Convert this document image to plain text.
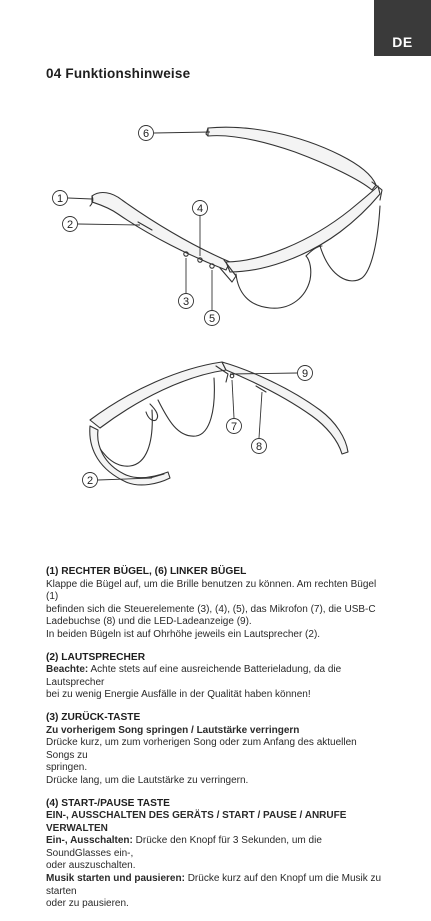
DE
04 Funktionshinweise
6
1
2
4
3
5
9
7
8
2
(1) RECHTER BÜGEL, (6) LINKER BÜGEL

Klappe die Bügel auf, um die Brille benutzen zu können. Am rechten Bügel (1)

befinden sich die Steuerelemente (3), (4), (5), das Mikrofon (7), die USB-C

Ladebuchse (8) und die LED-Ladeanzeige (9).

In beiden Bügeln ist auf Ohrhöhe jeweils ein Lautsprecher (2).

(2) LAUTSPRECHER

Beachte: Achte stets auf eine ausreichende Batterieladung, da die Lautsprecher

bei zu wenig Energie Ausfälle in der Qualität haben können!

(3) ZURÜCK-TASTE

Zu vorherigem Song springen / Lautstärke verringern

Drücke kurz, um zum vorherigen Song oder zum Anfang des aktuellen Songs zu

springen.

Drücke lang, um die Lautstärke zu verringern.

(4) START-/PAUSE TASTE

EIN-, AUSSCHALTEN DES GERÄTS / START / PAUSE / ANRUFE VERWALTEN

Ein-, Ausschalten: Drücke den Knopf für 3 Sekunden, um die SoundGlasses ein-,

oder auszuschalten.

Musik starten und pausieren: Drücke kurz auf den Knopf um die Musik zu starten

oder zu pausieren.
